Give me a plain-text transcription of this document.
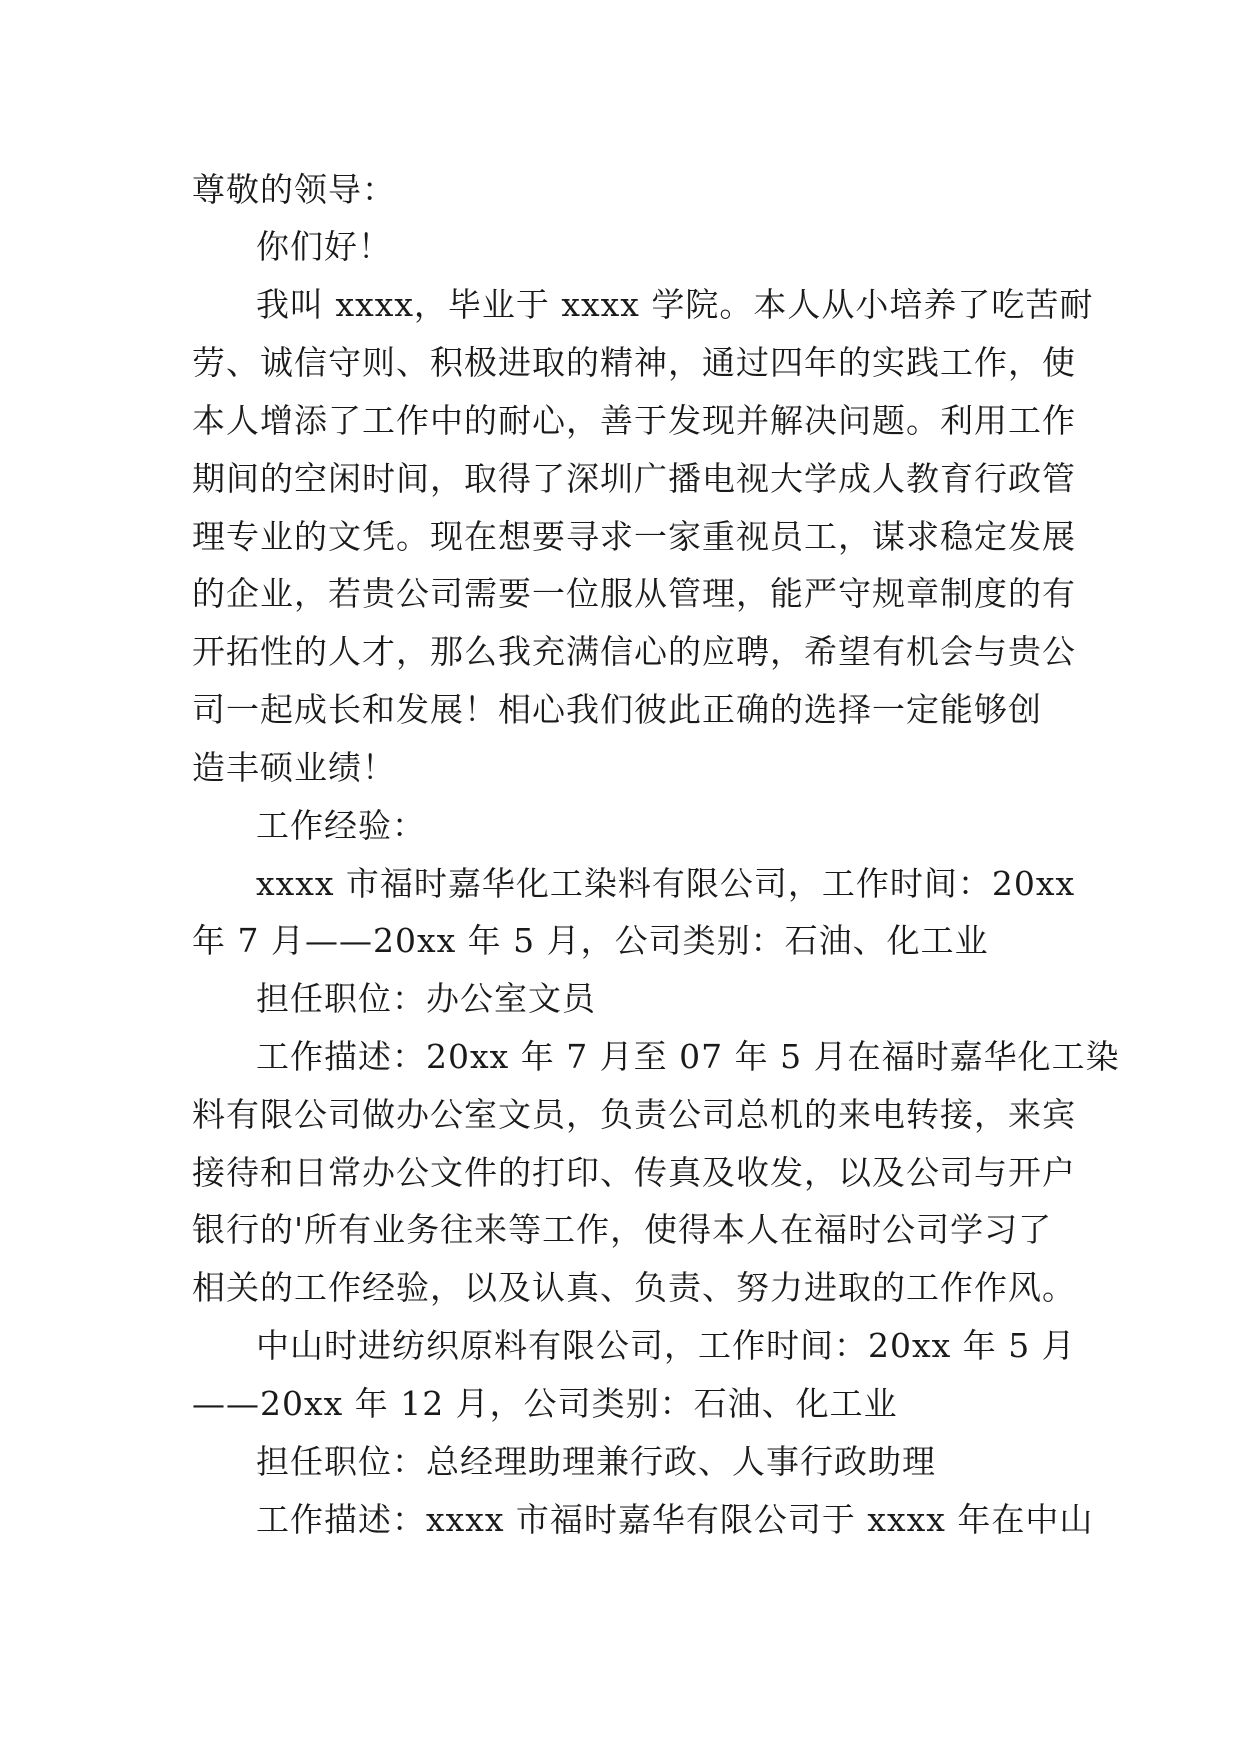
尊敬的领导：
你们好！
我叫 xxxx，毕业于 xxxx 学院。本人从小培养了吃苦耐
劳、诚信守则、积极进取的精神，通过四年的实践工作，使
本人增添了工作中的耐心，善于发现并解决问题。利用工作
期间的空闲时间，取得了深圳广播电视大学成人教育行政管
理专业的文凭。现在想要寻求一家重视员工，谋求稳定发展
的企业，若贵公司需要一位服从管理，能严守规章制度的有
开拓性的人才，那么我充满信心的应聘，希望有机会与贵公
司一起成长和发展！相心我们彼此正确的选择一定能够创
造丰硕业绩！
工作经验：
xxxx 市福时嘉华化工染料有限公司，工作时间：20xx
年 7 月——20xx 年 5 月，公司类别：石油、化工业
担任职位：办公室文员
工作描述：20xx 年 7 月至 07 年 5 月在福时嘉华化工染
料有限公司做办公室文员，负责公司总机的来电转接，来宾
接待和日常办公文件的打印、传真及收发，以及公司与开户
银行的'所有业务往来等工作，使得本人在福时公司学习了
相关的工作经验，以及认真、负责、努力进取的工作作风。
中山时进纺织原料有限公司，工作时间：20xx 年 5 月
——20xx 年 12 月，公司类别：石油、化工业
担任职位：总经理助理兼行政、人事行政助理
工作描述：xxxx 市福时嘉华有限公司于 xxxx 年在中山
